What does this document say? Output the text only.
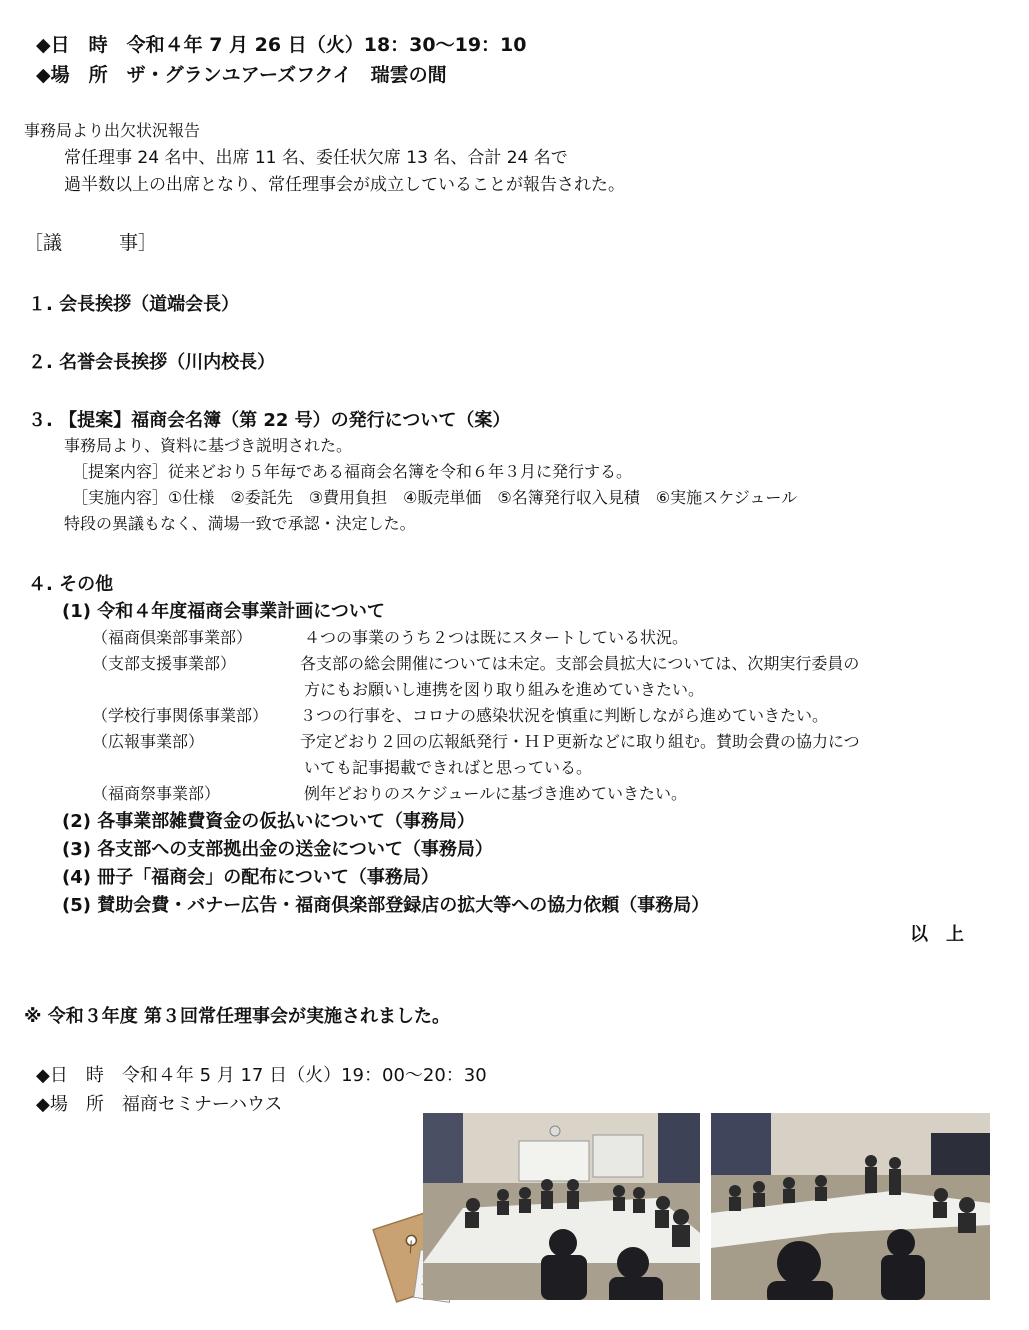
◆日　時　令和４年 7 月 26 日（火）18：30〜19：10
◆場　所　ザ・グランユアーズフクイ　瑞雲の間
事務局より出欠状況報告
常任理事 24 名中、出席 11 名、委任状欠席 13 名、合計 24 名で
過半数以上の出席となり、常任理事会が成立していることが報告された。
［議　　　事］
１. 会長挨拶（道端会長）
２. 名誉会長挨拶（川内校長）
３. 【提案】福商会名簿（第 22 号）の発行について（案）
事務局より、資料に基づき説明された。
［提案内容］従来どおり５年毎である福商会名簿を令和６年３月に発行する。
［実施内容］①仕様　②委託先　③費用負担　④販売単価　⑤名簿発行収入見積　⑥実施スケジュール
特段の異議もなく、満場一致で承認・決定した。
４. その他
(1) 令和４年度福商会事業計画について
（福商倶楽部事業部）	４つの事業のうち２つは既にスタートしている状況。
（支部支援事業部）	各支部の総会開催については未定。支部会員拡大については、次期実行委員の
方にもお願いし連携を図り取り組みを進めていきたい。
（学校行事関係事業部） ３つの行事を、コロナの感染状況を慎重に判断しながら進めていきたい。
（広報事業部）	予定どおり２回の広報紙発行・ＨＰ更新などに取り組む。賛助会費の協力につ
いても記事掲載できればと思っている。
（福商祭事業部）	例年どおりのスケジュールに基づき進めていきたい。
(2) 各事業部雑費資金の仮払いについて（事務局）
(3) 各支部への支部拠出金の送金について（事務局）
(4) 冊子「福商会」の配布について（事務局）
(5) 賛助会費・バナー広告・福商倶楽部登録店の拡大等への協力依頼（事務局）
以　上
※ 令和３年度 第３回常任理事会が実施されました。
◆日　時　令和４年 5 月 17 日（火）19：00〜20：30
◆場　所　福商セミナーハウス
